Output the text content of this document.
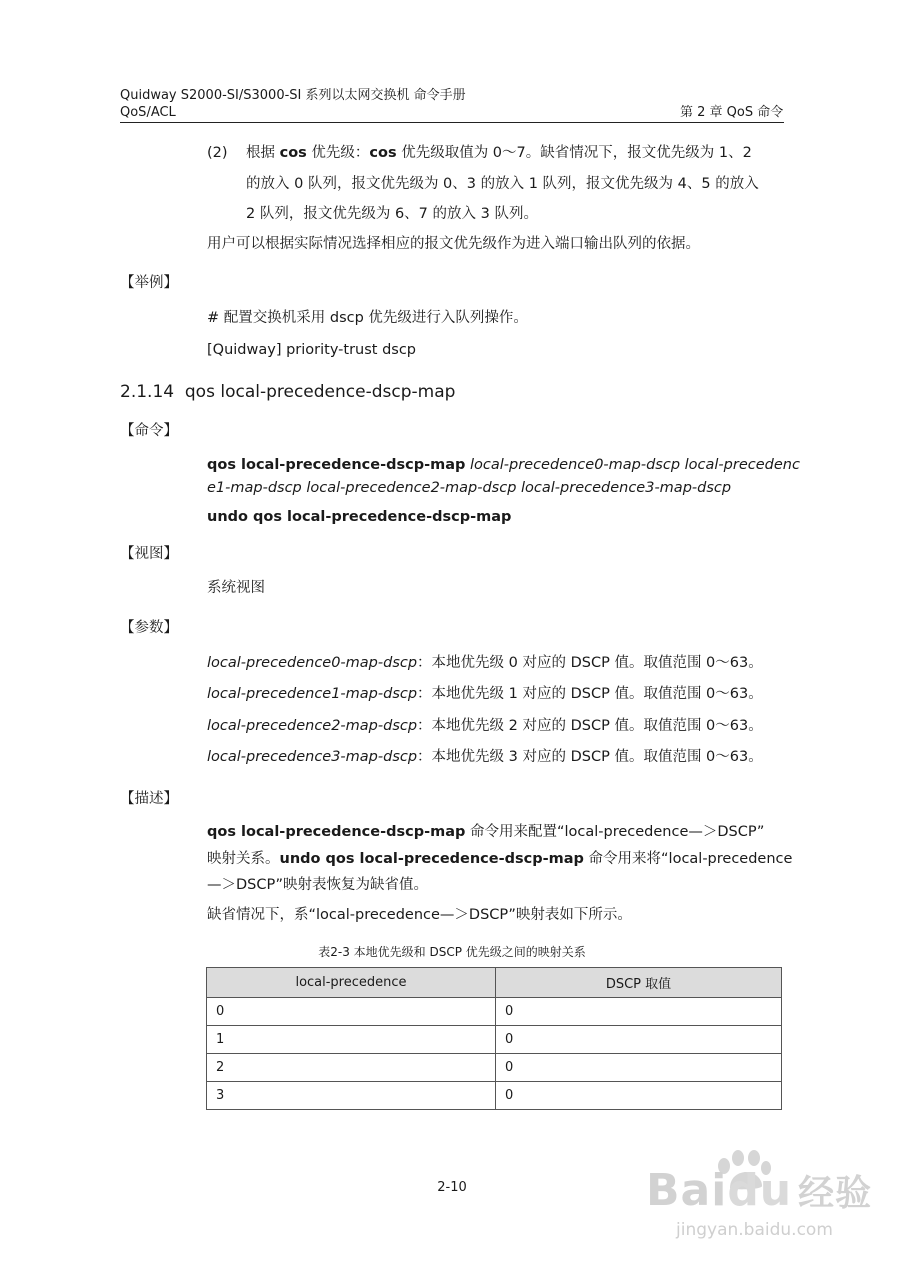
Quidway S2000-SI/S3000-SI 系列以太网交换机 命令手册
QoS/ACL	第 2 章 QoS 命令
(2) 根据 cos 优先级：cos 优先级取值为 0～7。缺省情况下，报文优先级为 1、2
的放入 0 队列，报文优先级为 0、3 的放入 1 队列，报文优先级为 4、5 的放入
2 队列，报文优先级为 6、7 的放入 3 队列。
用户可以根据实际情况选择相应的报文优先级作为进入端口输出队列的依据。
【举例】
# 配置交换机采用 dscp 优先级进行入队列操作。
[Quidway] priority-trust dscp
2.1.14 qos local-precedence-dscp-map
【命令】
qos local-precedence-dscp-map local-precedence0-map-dscp local-precedenc
e1-map-dscp local-precedence2-map-dscp local-precedence3-map-dscp
undo qos local-precedence-dscp-map
【视图】
系统视图
【参数】
local-precedence0-map-dscp：本地优先级 0 对应的 DSCP 值。取值范围 0～63。
local-precedence1-map-dscp：本地优先级 1 对应的 DSCP 值。取值范围 0～63。
local-precedence2-map-dscp：本地优先级 2 对应的 DSCP 值。取值范围 0～63。
local-precedence3-map-dscp：本地优先级 3 对应的 DSCP 值。取值范围 0～63。
【描述】
qos local-precedence-dscp-map 命令用来配置“local-precedence—＞DSCP”
映射关系。undo qos local-precedence-dscp-map 命令用来将“local-precedence
—＞DSCP”映射表恢复为缺省值。
缺省情况下，系“local-precedence—＞DSCP”映射表如下所示。
表2-3 本地优先级和 DSCP 优先级之间的映射关系
local-precedence	DSCP 取值
0	0
1	0
2	0
3	0
2-10	Baidu 经验
jingyan.baidu.com
